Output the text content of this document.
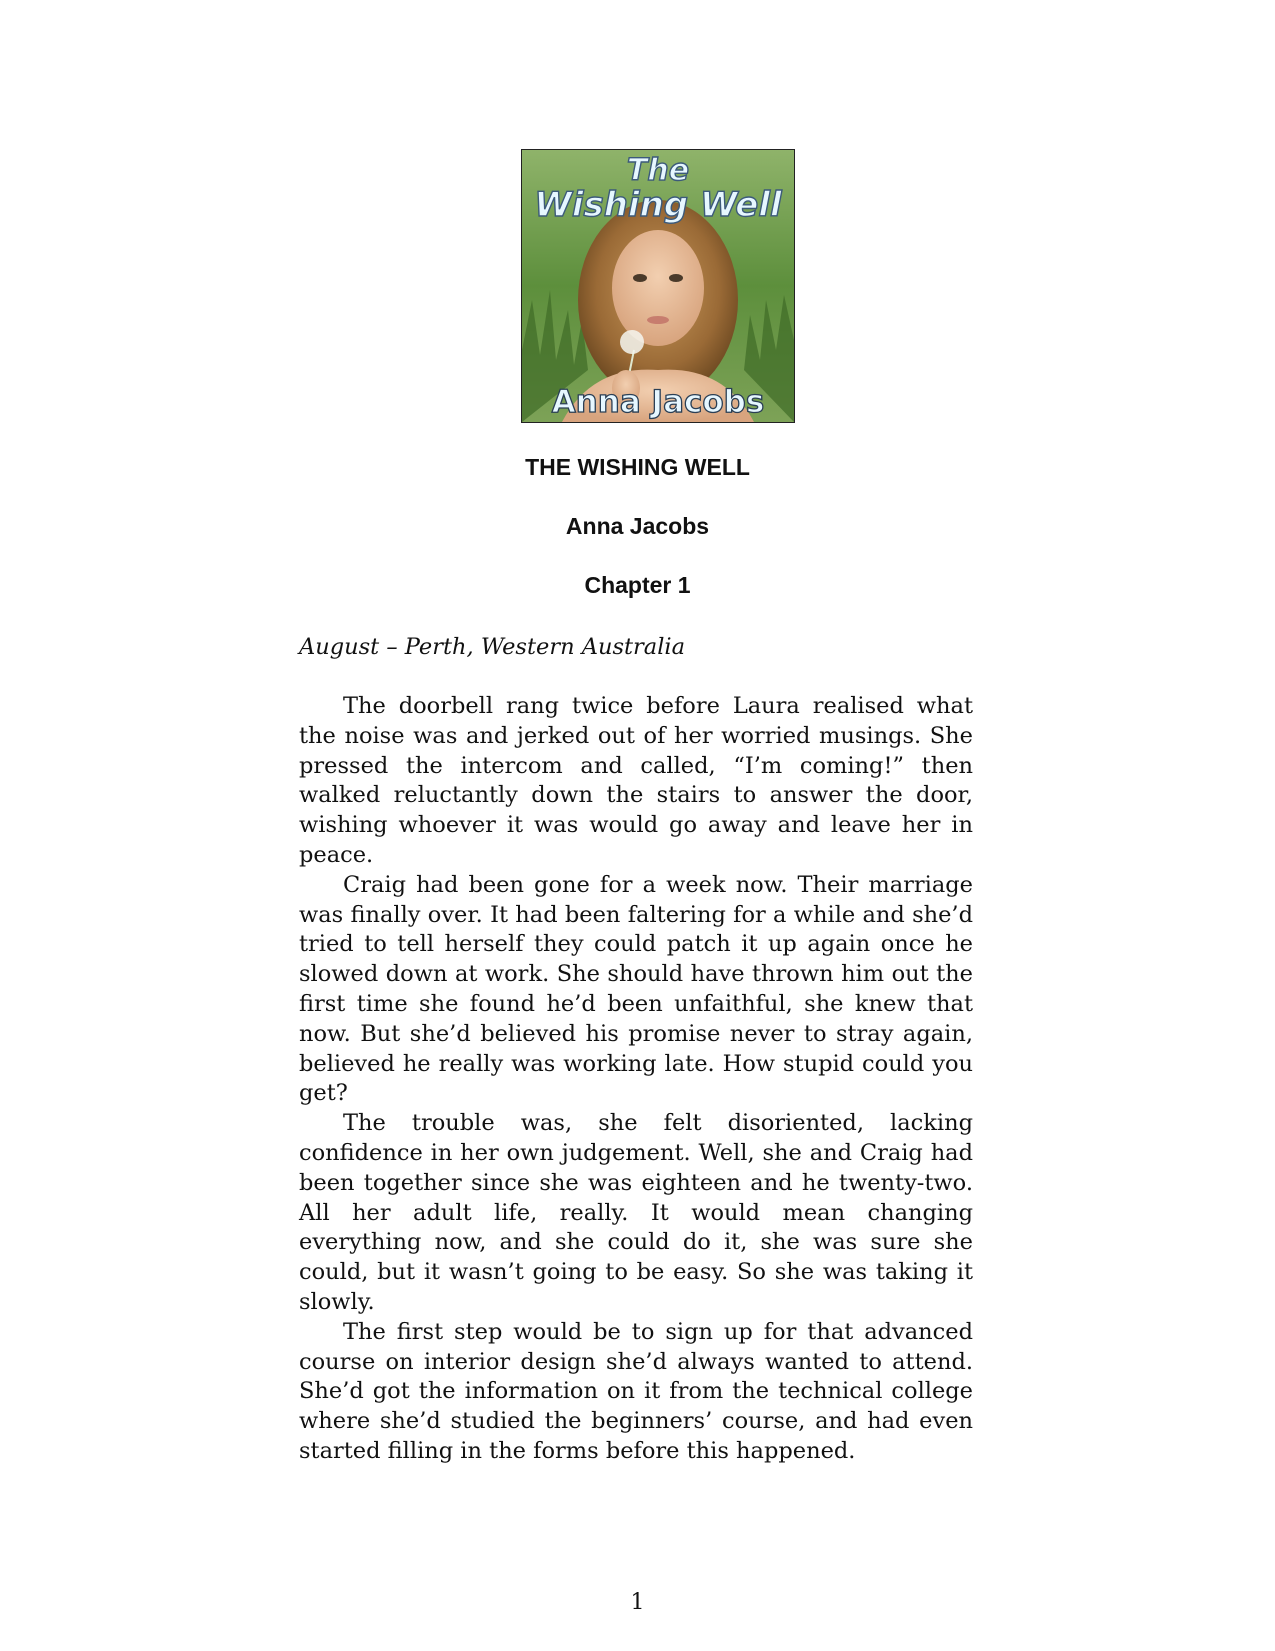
The
Wishing Well
Anna Jacobs
THE WISHING WELL
Anna Jacobs
Chapter 1
August – Perth, Western Australia

The doorbell rang twice before Laura realised what the noise was and jerked out of her worried musings. She pressed the intercom and called, “I’m coming!” then walked reluctantly down the stairs to answer the door, wishing whoever it was would go away and leave her in peace.

Craig had been gone for a week now. Their marriage was finally over. It had been faltering for a while and she’d tried to tell herself they could patch it up again once he slowed down at work. She should have thrown him out the first time she found he’d been unfaithful, she knew that now. But she’d believed his promise never to stray again, believed he really was working late. How stupid could you get?

The trouble was, she felt disoriented, lacking confidence in her own judgement. Well, she and Craig had been together since she was eighteen and he twenty-two. All her adult life, really. It would mean changing everything now, and she could do it, she was sure she could, but it wasn’t going to be easy. So she was taking it slowly.

The first step would be to sign up for that advanced course on interior design she’d always wanted to attend. She’d got the information on it from the technical college where she’d studied the beginners’ course, and had even started filling in the forms before this happened.

1
